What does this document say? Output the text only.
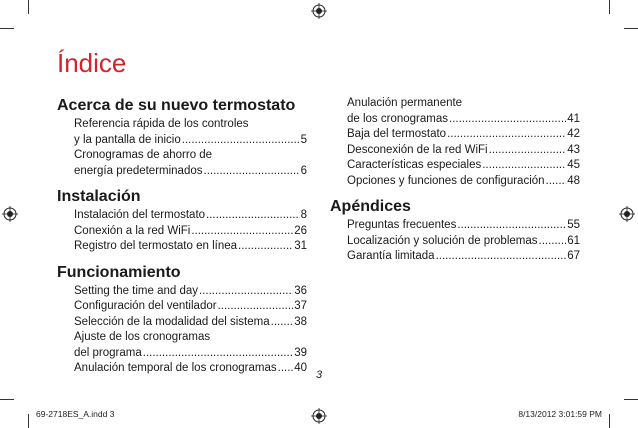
Índice
Acerca de su nuevo termostato
Referencia rápida de los controles
y la pantalla de inicio .....	5
Cronogramas de ahorro de
energía predeterminados .....	6
Instalación
Instalación del termostato .....	8
Conexión a la red WiFi .....	26
Registro del termostato en línea .....	31
Funcionamiento
Setting the time and day .....	36
Configuración del ventilador .....	37
Selección de la modalidad del sistema ..... 38
Ajuste de los cronogramas
del programa .....	39
Anulación temporal de los cronogramas ..... 40
Anulación permanente
de los cronogramas .....	41
Baja del termostato .....	42
Desconexión de la red WiFi .....	43
Características especiales .....	45
Opciones y funciones de configuración ..... 48
Apéndices
Preguntas frecuentes .....	55
Localización y solución de problemas .....	61
Garantía limitada .....	67
3
69-2718ES_A.indd 3	8/13/2012 3:01:59 PM
